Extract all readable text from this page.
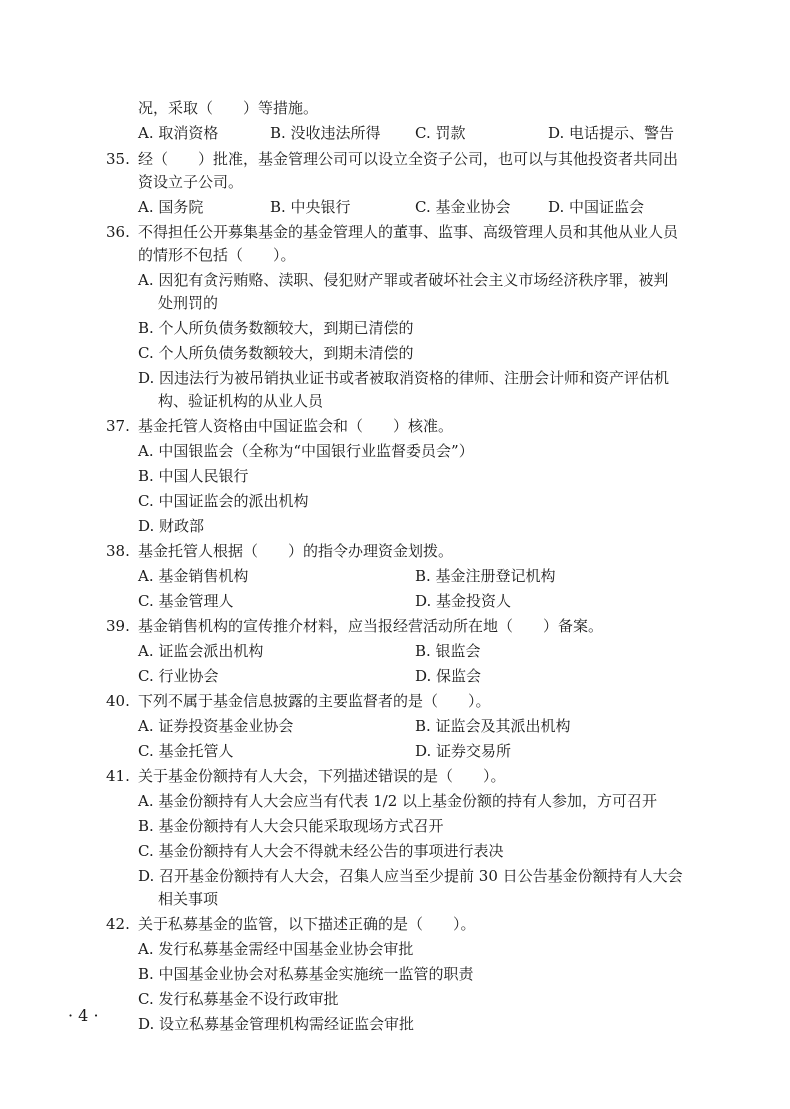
况，采取（　　）等措施。
A. 取消资格	B. 没收违法所得 C. 罚款	D. 电话提示、警告
35. 经（　　）批准，基金管理公司可以设立全资子公司，也可以与其他投资者共同出
资设立子公司。
A. 国务院	B. 中央银行	C. 基金业协会	D. 中国证监会
36. 不得担任公开募集基金的基金管理人的董事、监事、高级管理人员和其他从业人员
的情形不包括（　　）。
A. 因犯有贪污贿赂、渎职、侵犯财产罪或者破坏社会主义市场经济秩序罪，被判
处刑罚的
B. 个人所负债务数额较大，到期已清偿的
C. 个人所负债务数额较大，到期未清偿的
D. 因违法行为被吊销执业证书或者被取消资格的律师、注册会计师和资产评估机
构、验证机构的从业人员
37. 基金托管人资格由中国证监会和（　　）核准。
A. 中国银监会（全称为“中国银行业监督委员会”）
B. 中国人民银行
C. 中国证监会的派出机构
D. 财政部
38. 基金托管人根据（　　）的指令办理资金划拨。
A. 基金销售机构	B. 基金注册登记机构
C. 基金管理人	D. 基金投资人
39. 基金销售机构的宣传推介材料，应当报经营活动所在地（　　）备案。
A. 证监会派出机构	B. 银监会
C. 行业协会	D. 保监会
40. 下列不属于基金信息披露的主要监督者的是（　　）。
A. 证券投资基金业协会	B. 证监会及其派出机构
C. 基金托管人	D. 证券交易所
41. 关于基金份额持有人大会，下列描述错误的是（　　）。
A. 基金份额持有人大会应当有代表 1/2 以上基金份额的持有人参加，方可召开
B. 基金份额持有人大会只能采取现场方式召开
C. 基金份额持有人大会不得就未经公告的事项进行表决
D. 召开基金份额持有人大会，召集人应当至少提前 30 日公告基金份额持有人大会
相关事项
42. 关于私募基金的监管，以下描述正确的是（　　）。
A. 发行私募基金需经中国基金业协会审批
B. 中国基金业协会对私募基金实施统一监管的职责
C. 发行私募基金不设行政审批
D. 设立私募基金管理机构需经证监会审批
· 4 ·
